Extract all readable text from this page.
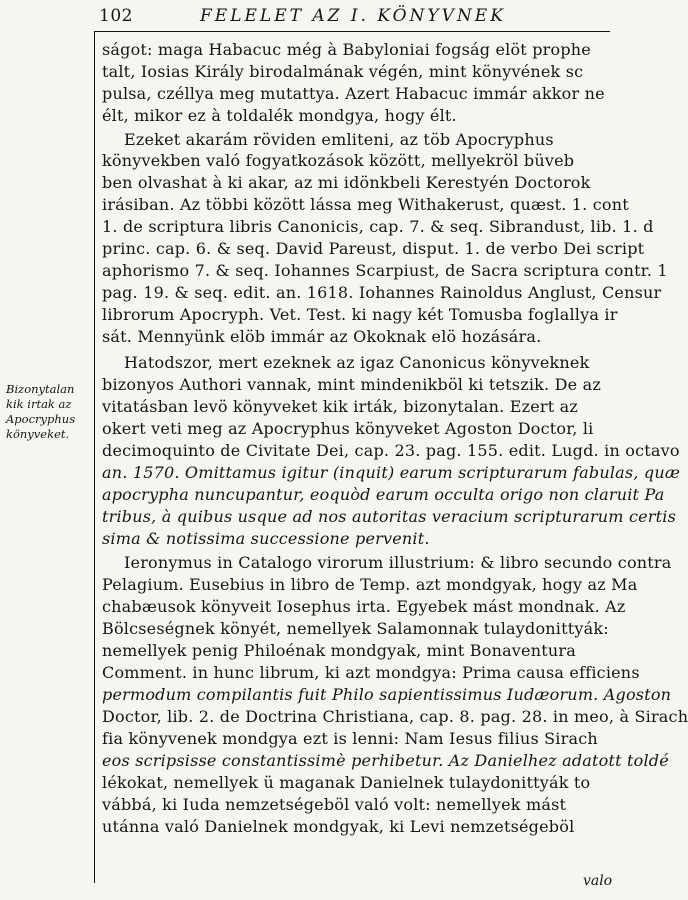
102	FELELET AZ I. KÖNYVNEK
Bizonytalan
kik irtak az
Apocryphus
könyveket.
ságot: maga Habacuc még à Babyloniai fogság elöt prophe
talt, Iosias Király birodalmának végén, mint könyvének sc
pulsa, czéllya meg mutattya. Azert Habacuc immár akkor ne
élt, mikor ez à toldalék mondgya, hogy élt.
Ezeket akarám röviden emliteni, az töb Apocryphus
könyvekben való fogyatkozások között, mellyekröl büveb
ben olvashat à ki akar, az mi idönkbeli Kerestyén Doctorok
irásiban. Az többi között lássa meg Withakerust, quæst. 1. cont
1. de scriptura libris Canonicis, cap. 7. & seq. Sibrandust, lib. 1. d
princ. cap. 6. & seq. David Pareust, disput. 1. de verbo Dei script
aphorismo 7. & seq. Iohannes Scarpiust, de Sacra scriptura contr. 1
pag. 19. & seq. edit. an. 1618. Iohannes Rainoldus Anglust, Censur
librorum Apocryph. Vet. Test. ki nagy két Tomusba foglallya ir
sát. Mennyünk elöb immár az Okoknak elö hozására.
Hatodszor, mert ezeknek az igaz Canonicus könyveknek
bizonyos Authori vannak, mint mindenikböl ki tetszik. De az
vitatásban levö könyveket kik irták, bizonytalan. Ezert az
okert veti meg az Apocryphus könyveket Agoston Doctor, li
decimoquinto de Civitate Dei, cap. 23. pag. 155. edit. Lugd. in octavo
an. 1570. Omittamus igitur (inquit) earum scripturarum fabulas, quæ
apocrypha nuncupantur, eoquòd earum occulta origo non claruit Pa
tribus, à quibus usque ad nos autoritas veracium scripturarum certis
sima & notissima successione pervenit.
Ieronymus in Catalogo virorum illustrium: & libro secundo contra
Pelagium. Eusebius in libro de Temp. azt mondgyak, hogy az Ma
chabæusok könyveit Iosephus irta. Egyebek mást mondnak. Az
Bölcseségnek könyét, nemellyek Salamonnak tulaydonittyák:
nemellyek penig Philoénak mondgyak, mint Bonaventura
Comment. in hunc librum, ki azt mondgya: Prima causa efficiens
permodum compilantis fuit Philo sapientissimus Iudæorum. Agoston
Doctor, lib. 2. de Doctrina Christiana, cap. 8. pag. 28. in meo, à Sirach
fia könyvenek mondgya ezt is lenni: Nam Iesus filius Sirach
eos scripsisse constantissimè perhibetur. Az Danielhez adatott toldé
lékokat, nemellyek ü maganak Danielnek tulaydonittyák to
vábbá, ki Iuda nemzetségeböl való volt: nemellyek mást
utánna való Danielnek mondgyak, ki Levi nemzetségeböl
valo
